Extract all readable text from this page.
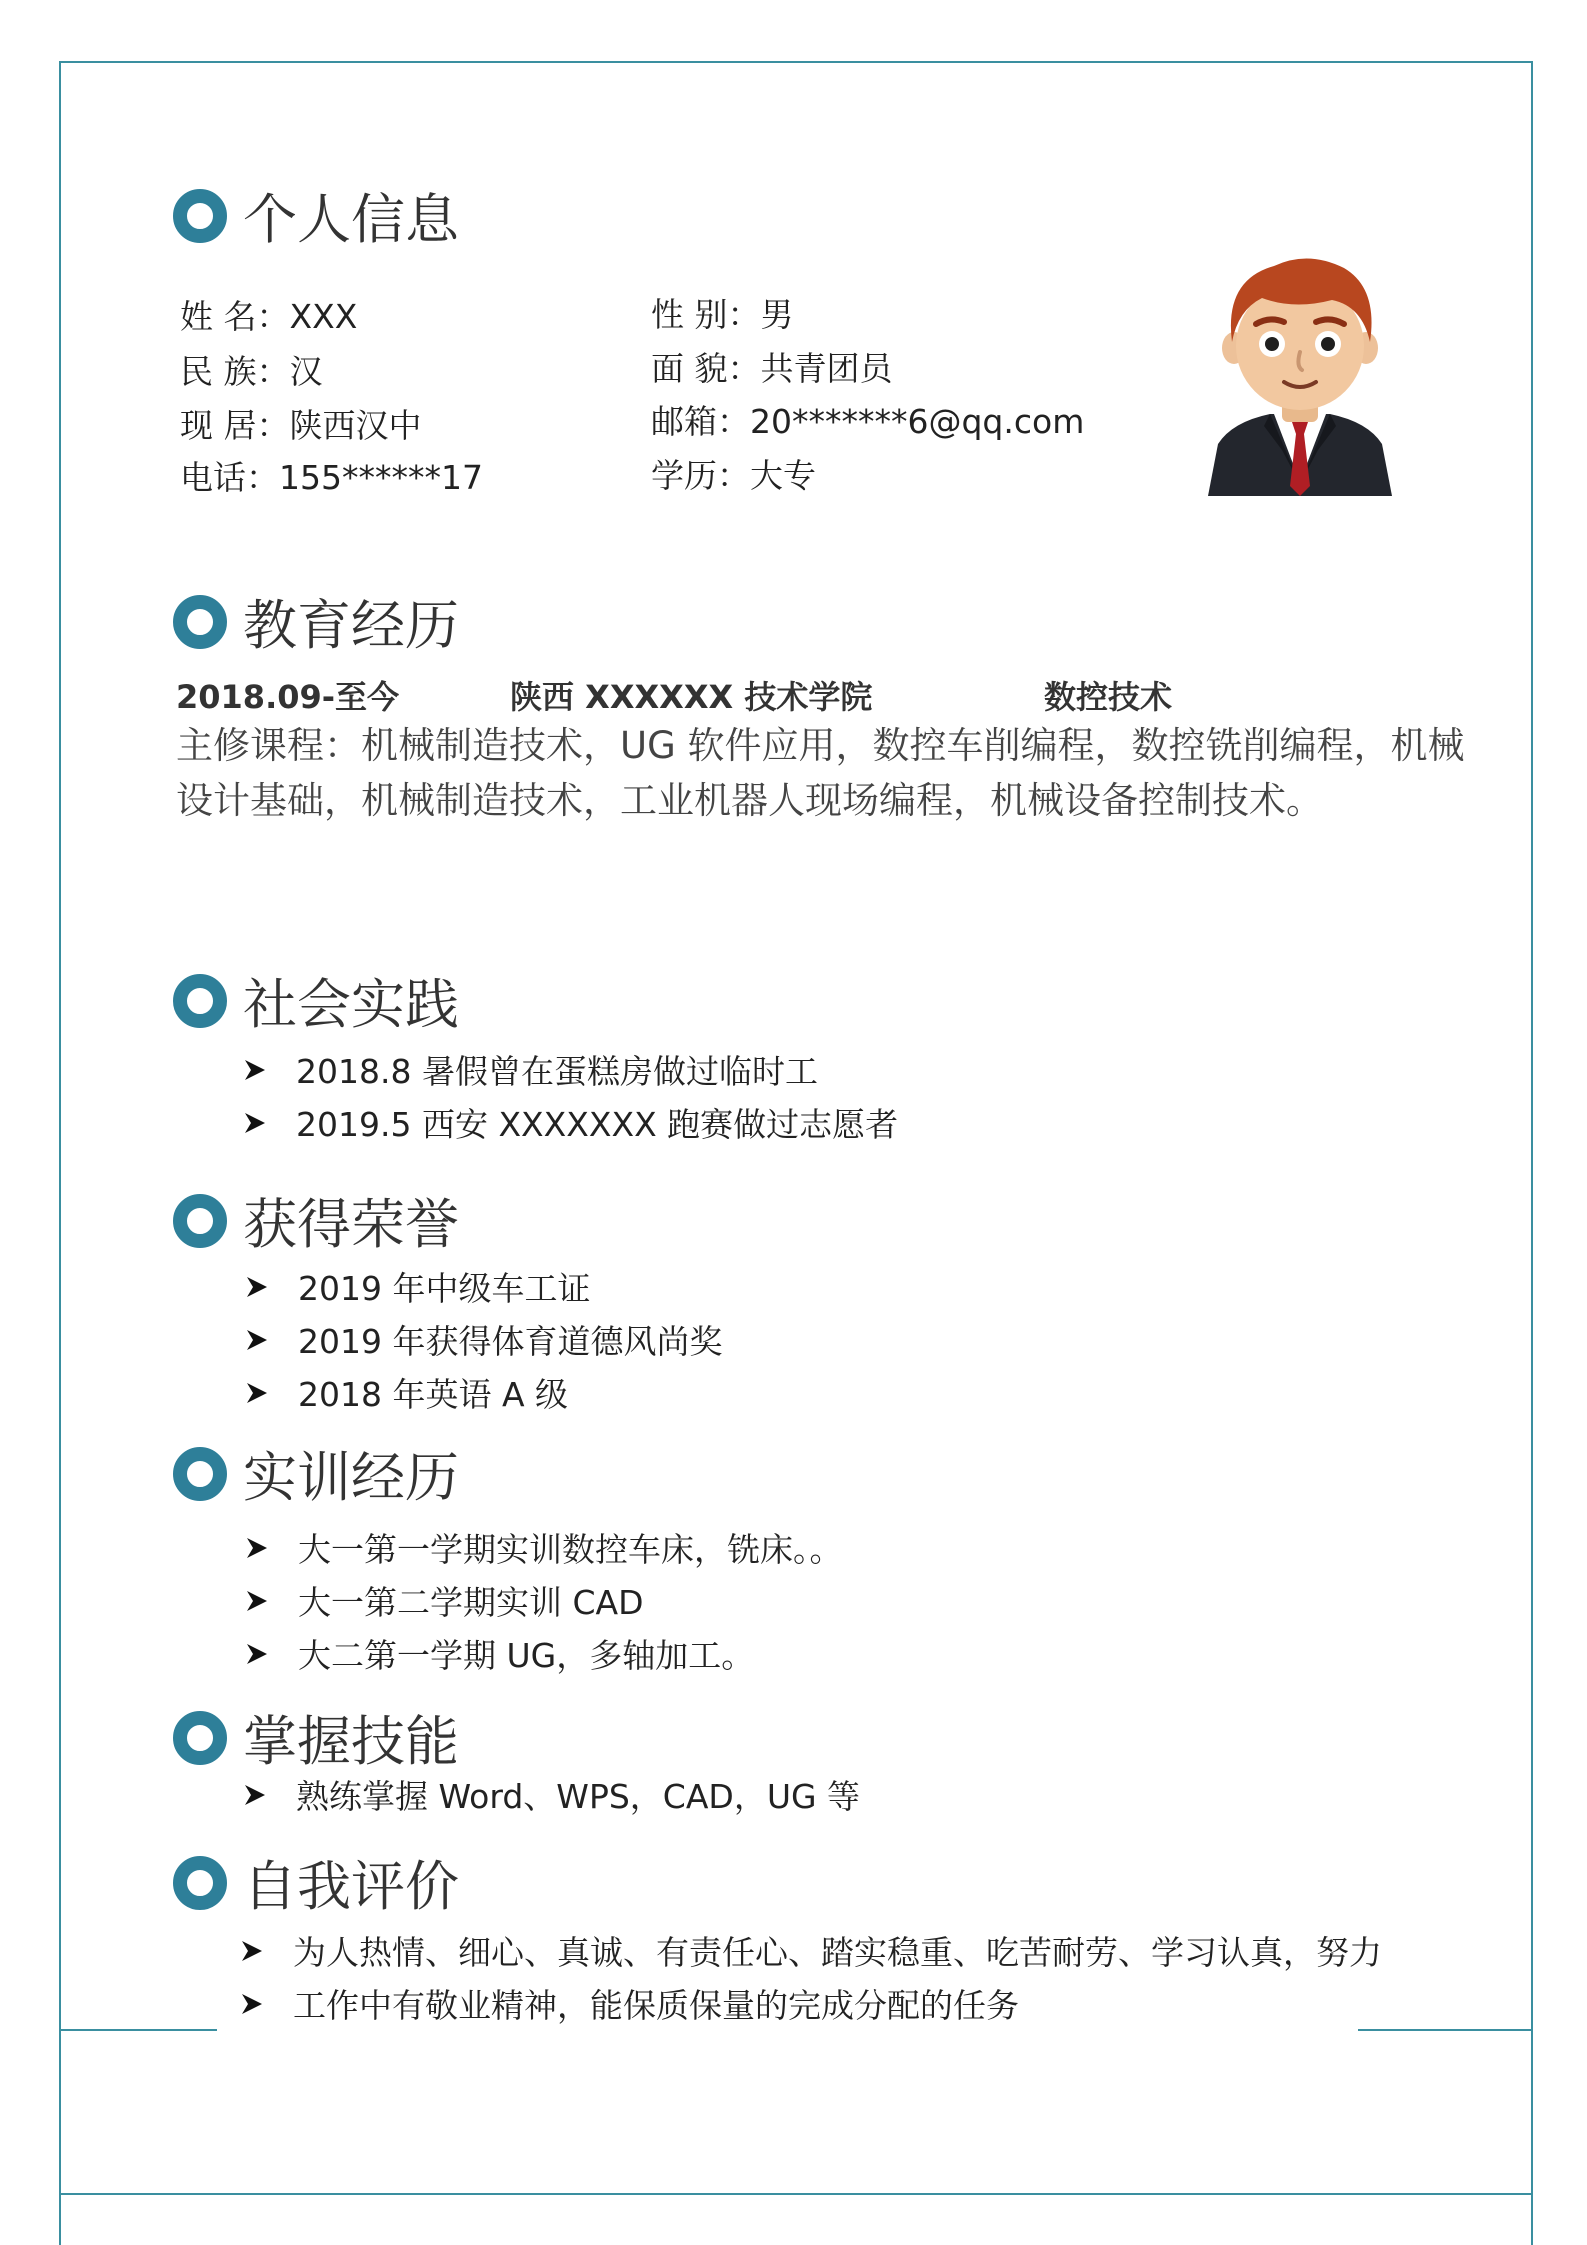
个人信息
姓 名：XXX	性 别：男
民 族：汉	面 貌：共青团员
现 居：陕西汉中	邮箱：20*******6@qq.com
电话：155******17	学历：大专
教育经历
2018.09-至今	陕西 XXXXXX 技术学院	数控技术
主修课程：机械制造技术，UG 软件应用，数控车削编程，数控铣削编程，机械设计基础，机械制造技术，工业机器人现场编程，机械设备控制技术。
社会实践
2018.8 暑假曾在蛋糕房做过临时工
2019.5 西安 XXXXXXX 跑赛做过志愿者
获得荣誉
2019 年中级车工证
2019 年获得体育道德风尚奖
2018 年英语 A 级
实训经历
大一第一学期实训数控车床，铣床。。
大一第二学期实训 CAD
大二第一学期 UG，多轴加工。
掌握技能
熟练掌握 Word、WPS，CAD，UG 等
自我评价
为人热情、细心、真诚、有责任心、踏实稳重、吃苦耐劳、学习认真，努力
工作中有敬业精神，能保质保量的完成分配的任务
